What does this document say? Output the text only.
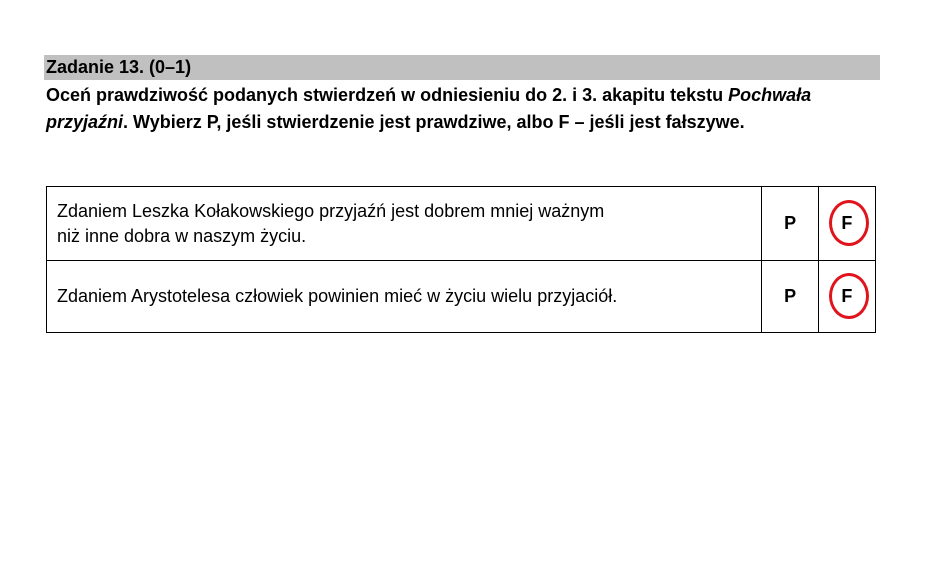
Zadanie 13. (0–1)
Oceń prawdziwość podanych stwierdzeń w odniesieniu do 2. i 3. akapitu tekstu Pochwała przyjaźni. Wybierz P, jeśli stwierdzenie jest prawdziwe, albo F – jeśli jest fałszywe.
Zdaniem Leszka Kołakowskiego przyjaźń jest dobrem mniej ważnym
niż inne dobra w naszym życiu.	P	F

Zdaniem Arystotelesa człowiek powinien mieć w życiu wielu przyjaciół.	P	F
